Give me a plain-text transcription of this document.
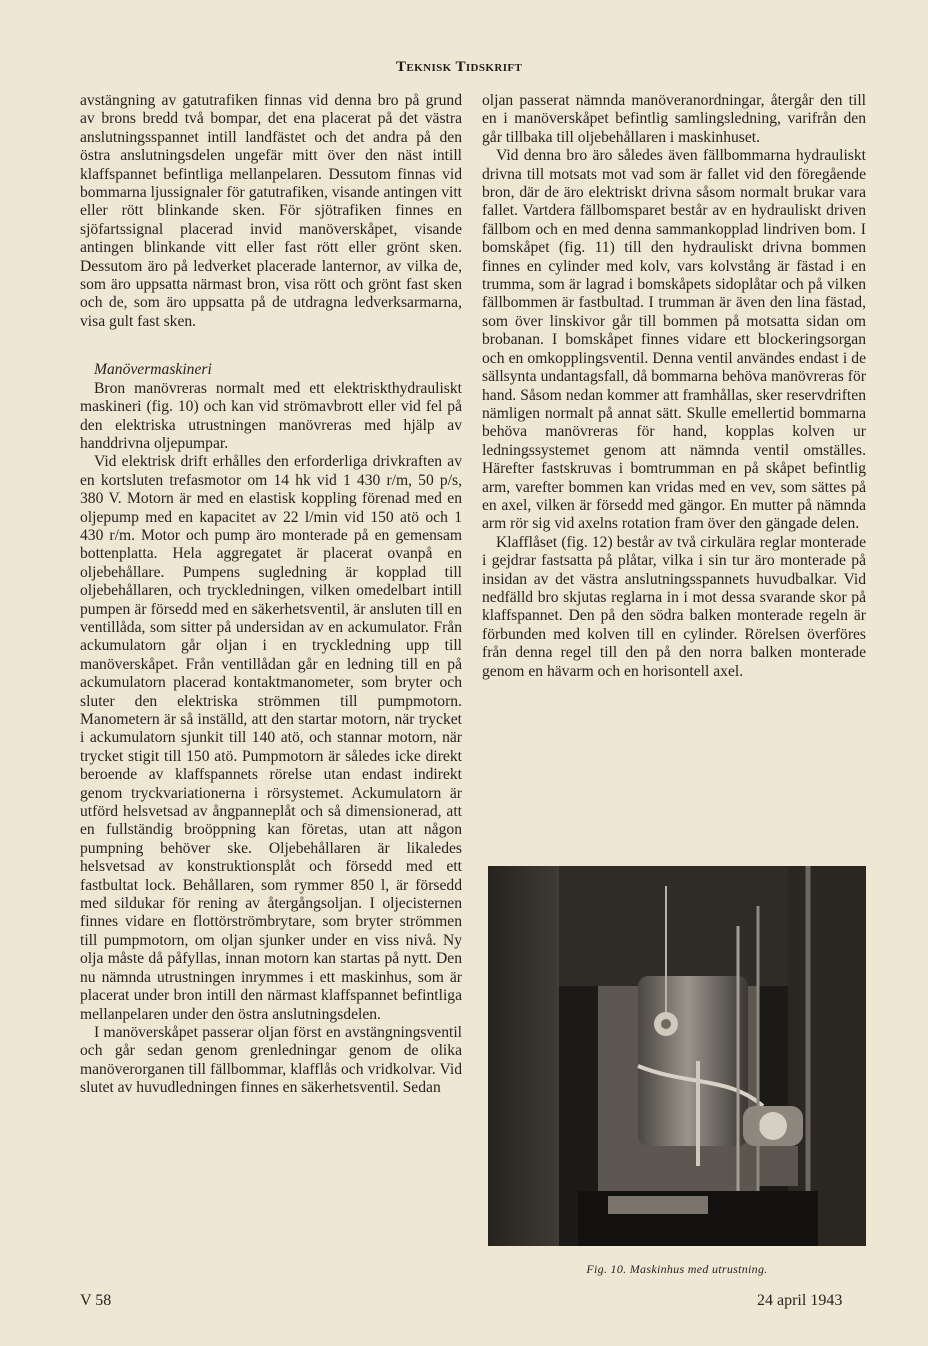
Teknisk Tidskrift

avstängning av gatutrafiken finnas vid denna bro på grund av brons bredd två bompar, det ena placerat på det västra anslutningsspannet intill landfästet och det andra på den östra anslutningsdelen ungefär mitt över den näst intill klaffspannet befintliga mellanpelaren. Dessutom finnas vid bommarna ljussignaler för gatutrafiken, visande antingen vitt eller rött blinkande sken. För sjötrafiken finnes en sjöfartssignal placerad invid manöverskåpet, visande antingen blinkande vitt eller fast rött eller grönt sken. Dessutom äro på ledverket placerade lanternor, av vilka de, som äro uppsatta närmast bron, visa rött och grönt fast sken och de, som äro uppsatta på de utdragna ledverksarmarna, visa gult fast sken.

Manövermaskineri

Bron manövreras normalt med ett elektriskthydrauliskt maskineri (fig. 10) och kan vid strömavbrott eller vid fel på den elektriska utrustningen manövreras med hjälp av handdrivna oljepumpar.

Vid elektrisk drift erhålles den erforderliga drivkraften av en kortsluten trefasmotor om 14 hk vid 1 430 r/m, 50 p/s, 380 V. Motorn är med en elastisk koppling förenad med en oljepump med en kapacitet av 22 l/min vid 150 atö och 1 430 r/m. Motor och pump äro monterade på en gemensam bottenplatta. Hela aggregatet är placerat ovanpå en oljebehållare. Pumpens sugledning är kopplad till oljebehållaren, och tryckledningen, vilken omedelbart intill pumpen är försedd med en säkerhetsventil, är ansluten till en ventillåda, som sitter på undersidan av en ackumulator. Från ackumulatorn går oljan i en tryckledning upp till manöverskåpet. Från ventillådan går en ledning till en på ackumulatorn placerad kontaktmanometer, som bryter och sluter den elektriska strömmen till pumpmotorn. Manometern är så inställd, att den startar motorn, när trycket i ackumulatorn sjunkit till 140 atö, och stannar motorn, när trycket stigit till 150 atö. Pumpmotorn är således icke direkt beroende av klaffspannets rörelse utan endast indirekt genom tryckvariationerna i rörsystemet. Ackumulatorn är utförd helsvetsad av ångpanneplåt och så dimensionerad, att en fullständig broöppning kan företas, utan att någon pumpning behöver ske. Oljebehållaren är likaledes helsvetsad av konstruktionsplåt och försedd med ett fastbultat lock. Behållaren, som rymmer 850 l, är försedd med sildukar för rening av återgångsoljan. I oljecisternen finnes vidare en flottörströmbrytare, som bryter strömmen till pumpmotorn, om oljan sjunker under en viss nivå. Ny olja måste då påfyllas, innan motorn kan startas på nytt. Den nu nämnda utrustningen inrymmes i ett maskinhus, som är placerat under bron intill den närmast klaffspannet befintliga mellanpelaren under den östra anslutningsdelen.

I manöverskåpet passerar oljan först en avstängningsventil och går sedan genom grenledningar genom de olika manöverorganen till fällbommar, klafflås och vridkolvar. Vid slutet av huvudledningen finnes en säkerhetsventil. Sedan

oljan passerat nämnda manöveranordningar, återgår den till en i manöverskåpet befintlig samlingsledning, varifrån den går tillbaka till oljebehållaren i maskinhuset.

Vid denna bro äro således även fällbommarna hydrauliskt drivna till motsats mot vad som är fallet vid den föregående bron, där de äro elektriskt drivna såsom normalt brukar vara fallet. Vartdera fällbomsparet består av en hydrauliskt driven fällbom och en med denna sammankopplad lindriven bom. I bomskåpet (fig. 11) till den hydrauliskt drivna bommen finnes en cylinder med kolv, vars kolvstång är fästad i en trumma, som är lagrad i bomskåpets sidoplåtar och på vilken fällbommen är fastbultad. I trumman är även den lina fästad, som över linskivor går till bommen på motsatta sidan om brobanan. I bomskåpet finnes vidare ett blockeringsorgan och en omkopplingsventil. Denna ventil användes endast i de sällsynta undantagsfall, då bommarna behöva manövreras för hand. Såsom nedan kommer att framhållas, sker reservdriften nämligen normalt på annat sätt. Skulle emellertid bommarna behöva manövreras för hand, kopplas kolven ur ledningssystemet genom att nämnda ventil omställes. Härefter fastskruvas i bomtrumman en på skåpet befintlig arm, varefter bommen kan vridas med en vev, som sättes på en axel, vilken är försedd med gängor. En mutter på nämnda arm rör sig vid axelns rotation fram över den gängade delen.

Klafflåset (fig. 12) består av två cirkulära reglar monterade i gejdrar fastsatta på plåtar, vilka i sin tur äro monterade på insidan av det västra anslutningsspannets huvudbalkar. Vid nedfälld bro skjutas reglarna in i mot dessa svarande skor på klaffspannet. Den på den södra balken monterade regeln är förbunden med kolven till en cylinder. Rörelsen överföres från denna regel till den på den norra balken monterade genom en hävarm och en horisontell axel.

Fig. 10. Maskinhus med utrustning.
V 58	24 april 1943
